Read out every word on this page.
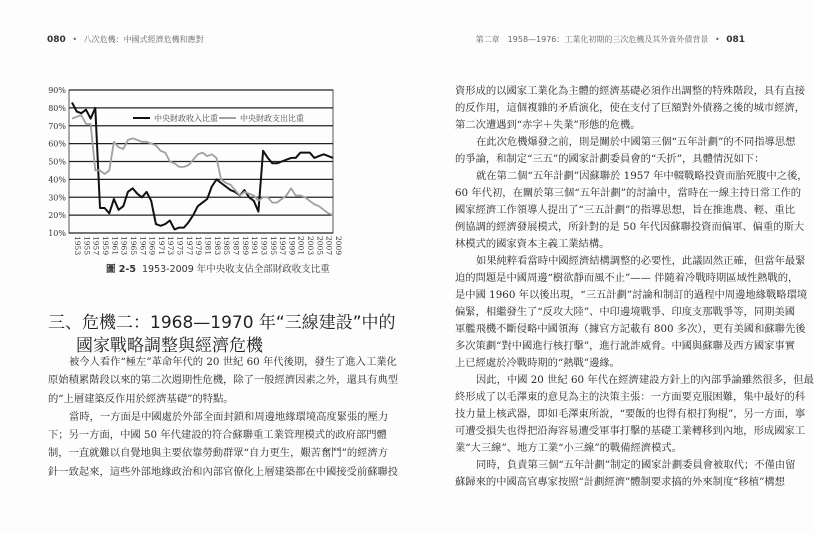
080 • 八次危機：中國式經濟危機和應對	第二章　1958—1976：工業化初期的三次危機及其外資外債背景 • 081
10%
20%
30%
40%
50%
60%
70%
80%
90%
1953 1955 1957 1959 1961 1963 1965 1967 1969 1971 1973 1975 1977 1979 1981 1983 1985 1987 1989 1991 1993 1995 1997 1999 2001 2003 2005 2007 2009
中央財政收入比重	中央財政支出比重
圖 2-5 1953-2009 年中央收支佔全部財政收支比重
三、危機二：1968—1970 年“三線建設”中的
國家戰略調整與經濟危機
被今人看作“極左”革命年代的 20 世紀 60 年代後期，發生了進入工業化
原始積累階段以來的第二次週期性危機，除了一般經濟因素之外，還具有典型
的“上層建築反作用於經濟基礎”的特點。
當時，一方面是中國處於外部全面封鎖和周邊地緣環境高度緊張的壓力
下；另一方面，中國 50 年代建設的符合蘇聯重工業管理模式的政府部門體
制，一直就難以自覺地與主要依靠勞動群眾“自力更生，艱苦奮鬥”的經濟方
針一致起來，這些外部地緣政治和內部官僚化上層建築都在中國接受前蘇聯投
資形成的以國家工業化為主體的經濟基礎必須作出調整的特殊階段，具有直接
的反作用，這個複雜的矛盾演化，使在支付了巨額對外債務之後的城市經濟，
第二次遭遇到“赤字＋失業”形態的危機。
在此次危機爆發之前，則是關於中國第三個“五年計劃”的不同指導思想
的爭論，和制定“三五”的國家計劃委員會的“夭折”，具體情況如下：
就在第二個“五年計劃”因蘇聯於 1957 年中輟戰略投資而胎死腹中之後，
60 年代初，在關於第三個“五年計劃”的討論中，當時在一線主持日常工作的
國家經濟工作領導人提出了“三五計劃”的指導思想，旨在推進農、輕、重比
例協調的經濟發展模式，所針對的是 50 年代因蘇聯投資而偏軍、偏重的斯大
林模式的國家資本主義工業結構。
如果純粹看當時中國經濟結構調整的必要性，此議固然正確，但當年最緊
迫的問題是中國周邊“樹欲靜而風不止”—— 伴隨着冷戰時期區域性熱戰的，
是中國 1960 年以後出現，“三五計劃”討論和制訂的過程中周邊地緣戰略環境
偏緊，相繼發生了“反攻大陸”、中印邊境戰爭、印度支那戰爭等，同期美國
軍艦飛機不斷侵略中國領海（據官方記載有 800 多次），更有美國和蘇聯先後
多次策劃“對中國進行核打擊”，進行訛詐威脅。中國與蘇聯及西方國家事實
上已經處於冷戰時期的“熱戰”邊緣。
因此，中國 20 世紀 60 年代在經濟建設方針上的內部爭論雖然很多，但最
終形成了以毛澤東的意見為主的決策主張：一方面要克服困難，集中最好的科
技力量上核武器，即如毛澤東所說，“要飯的也得有根打狗棍”，另一方面，寧
可遭受損失也得把沿海容易遭受軍事打擊的基礎工業轉移到內地，形成國家工
業“大三線”、地方工業“小三線”的戰備經濟模式。
同時，負責第三個“五年計劃”制定的國家計劃委員會被取代；不僅由留
蘇歸來的中國高官專家按照“計劃經濟”體制要求搞的外來制度“移植”構想
